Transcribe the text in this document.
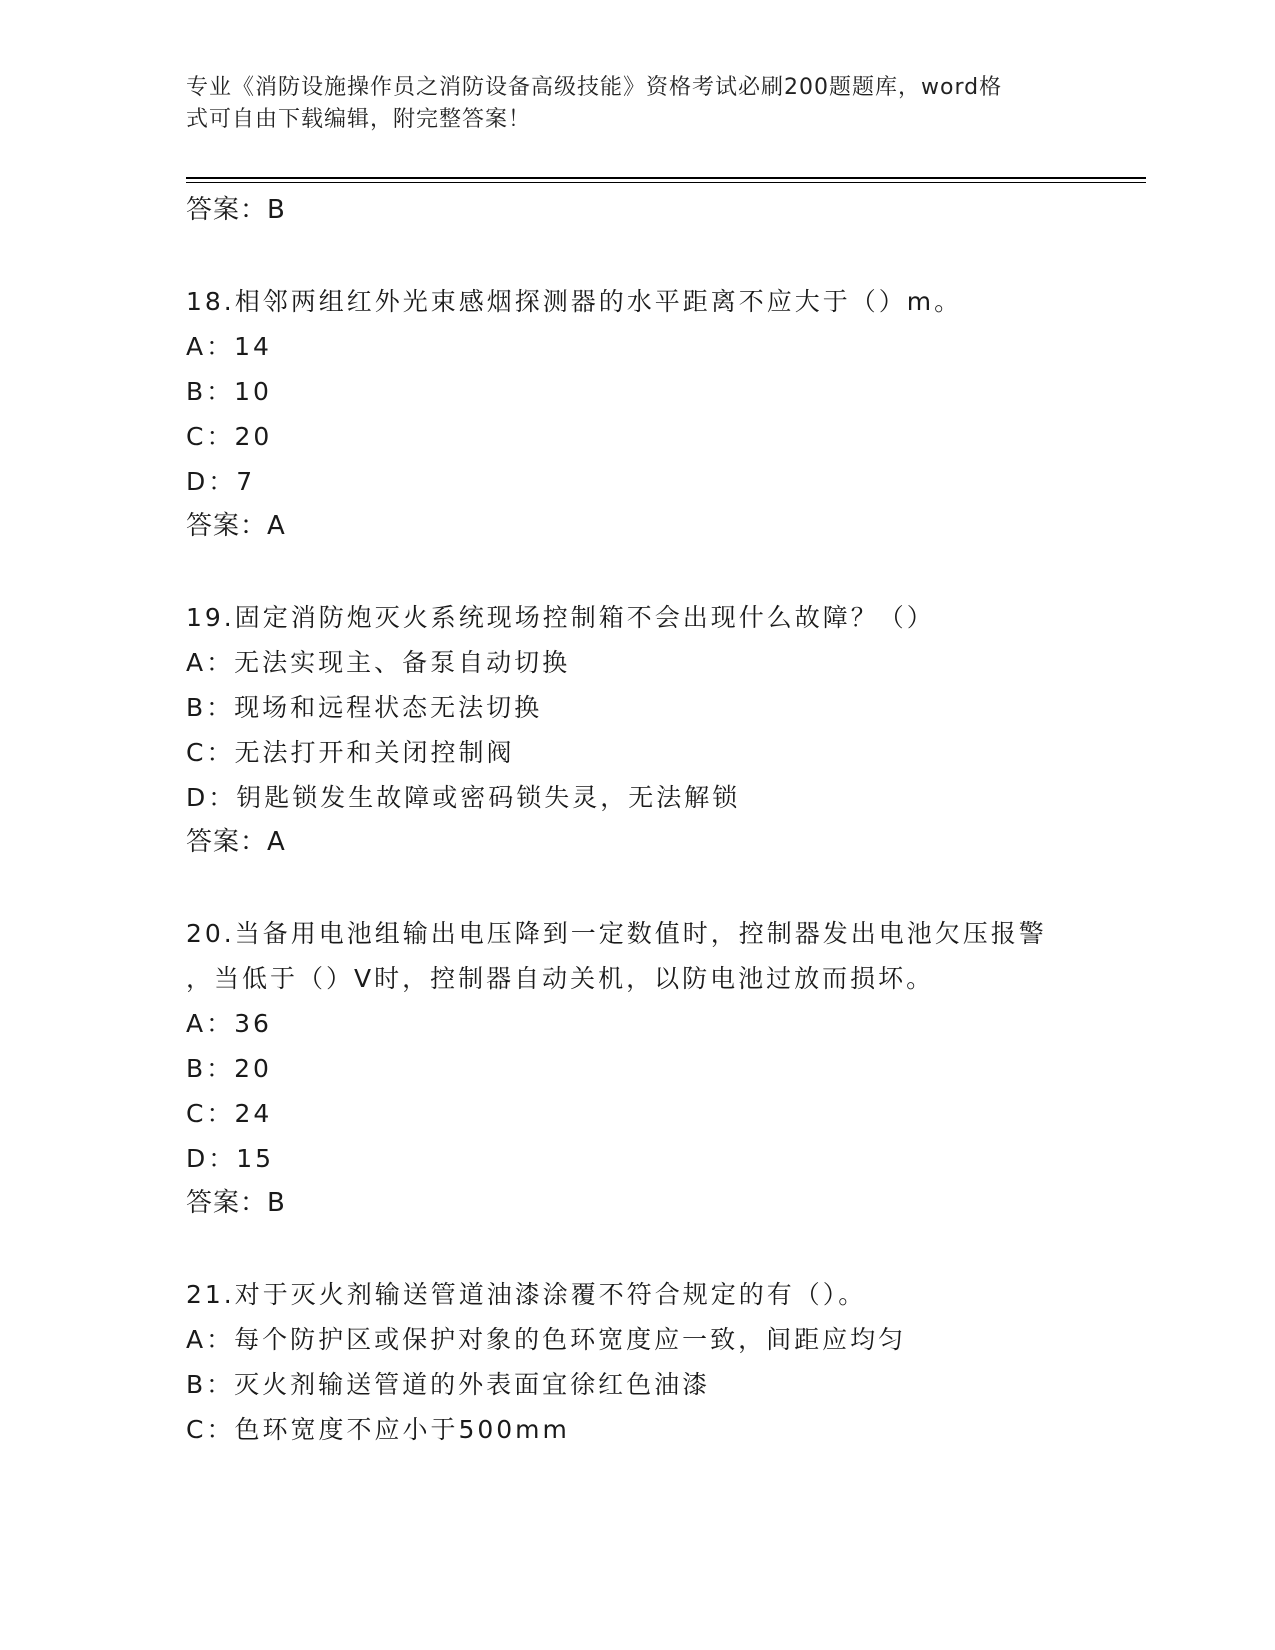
专业《消防设施操作员之消防设备高级技能》资格考试必刷200题题库，word格
式可自由下载编辑，附完整答案！
答案：B
18.相邻两组红外光束感烟探测器的水平距离不应大于（）m。
A：14
B：10
C：20
D：7
答案：A
19.固定消防炮灭火系统现场控制箱不会出现什么故障？（）
A：无法实现主、备泵自动切换
B：现场和远程状态无法切换
C：无法打开和关闭控制阀
D：钥匙锁发生故障或密码锁失灵，无法解锁
答案：A
20.当备用电池组输出电压降到一定数值时，控制器发出电池欠压报警
，当低于（）V时，控制器自动关机，以防电池过放而损坏。
A：36
B：20
C：24
D：15
答案：B
21.对于灭火剂输送管道油漆涂覆不符合规定的有（）。
A：每个防护区或保护对象的色环宽度应一致，间距应均匀
B：灭火剂输送管道的外表面宜徐红色油漆
C：色环宽度不应小于500mm
